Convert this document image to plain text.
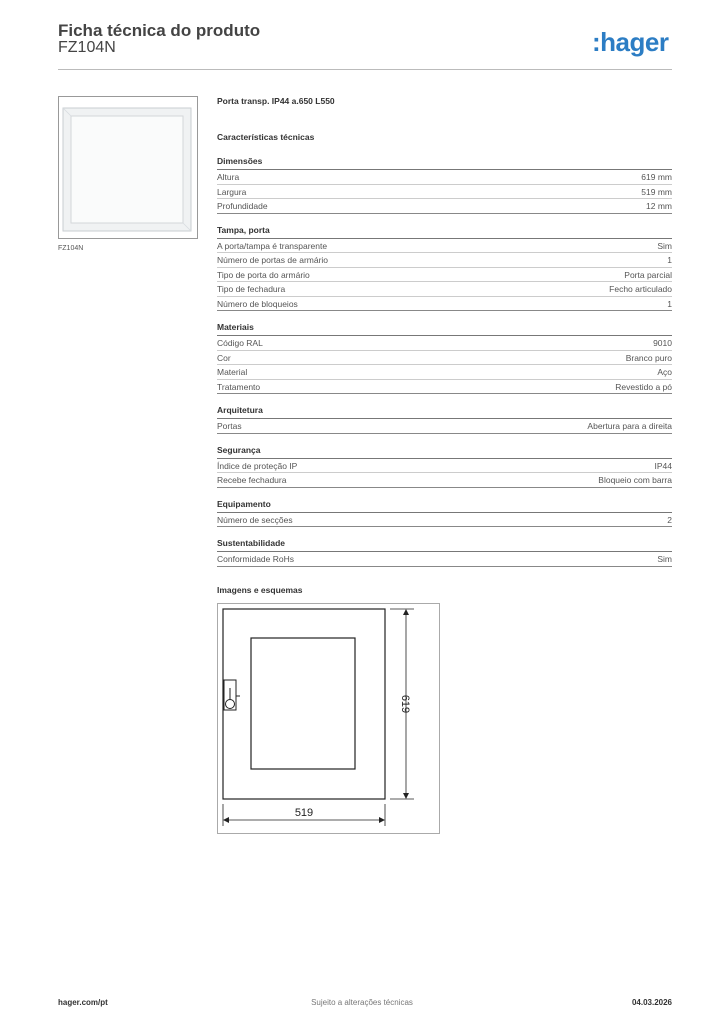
Ficha técnica do produto
FZ104N	:hager
FZ104N
Porta transp. IP44 a.650 L550
Características técnicas
Dimensões
Altura	619 mm
Largura	519 mm
Profundidade	12 mm
Tampa, porta
A porta/tampa é transparente	Sim
Número de portas de armário	1
Tipo de porta do armário	Porta parcial
Tipo de fechadura	Fecho articulado
Número de bloqueios	1
Materiais
Código RAL	9010
Cor	Branco puro
Material	Aço
Tratamento	Revestido a pó
Arquitetura
Portas	Abertura para a direita
Segurança
Índice de proteção IP	IP44
Recebe fechadura	Bloqueio com barra
Equipamento
Número de secções	2
Sustentabilidade
Conformidade RoHs	Sim
Imagens e esquemas
519
619
hager.com/pt	Sujeito a alterações técnicas	04.03.2026
